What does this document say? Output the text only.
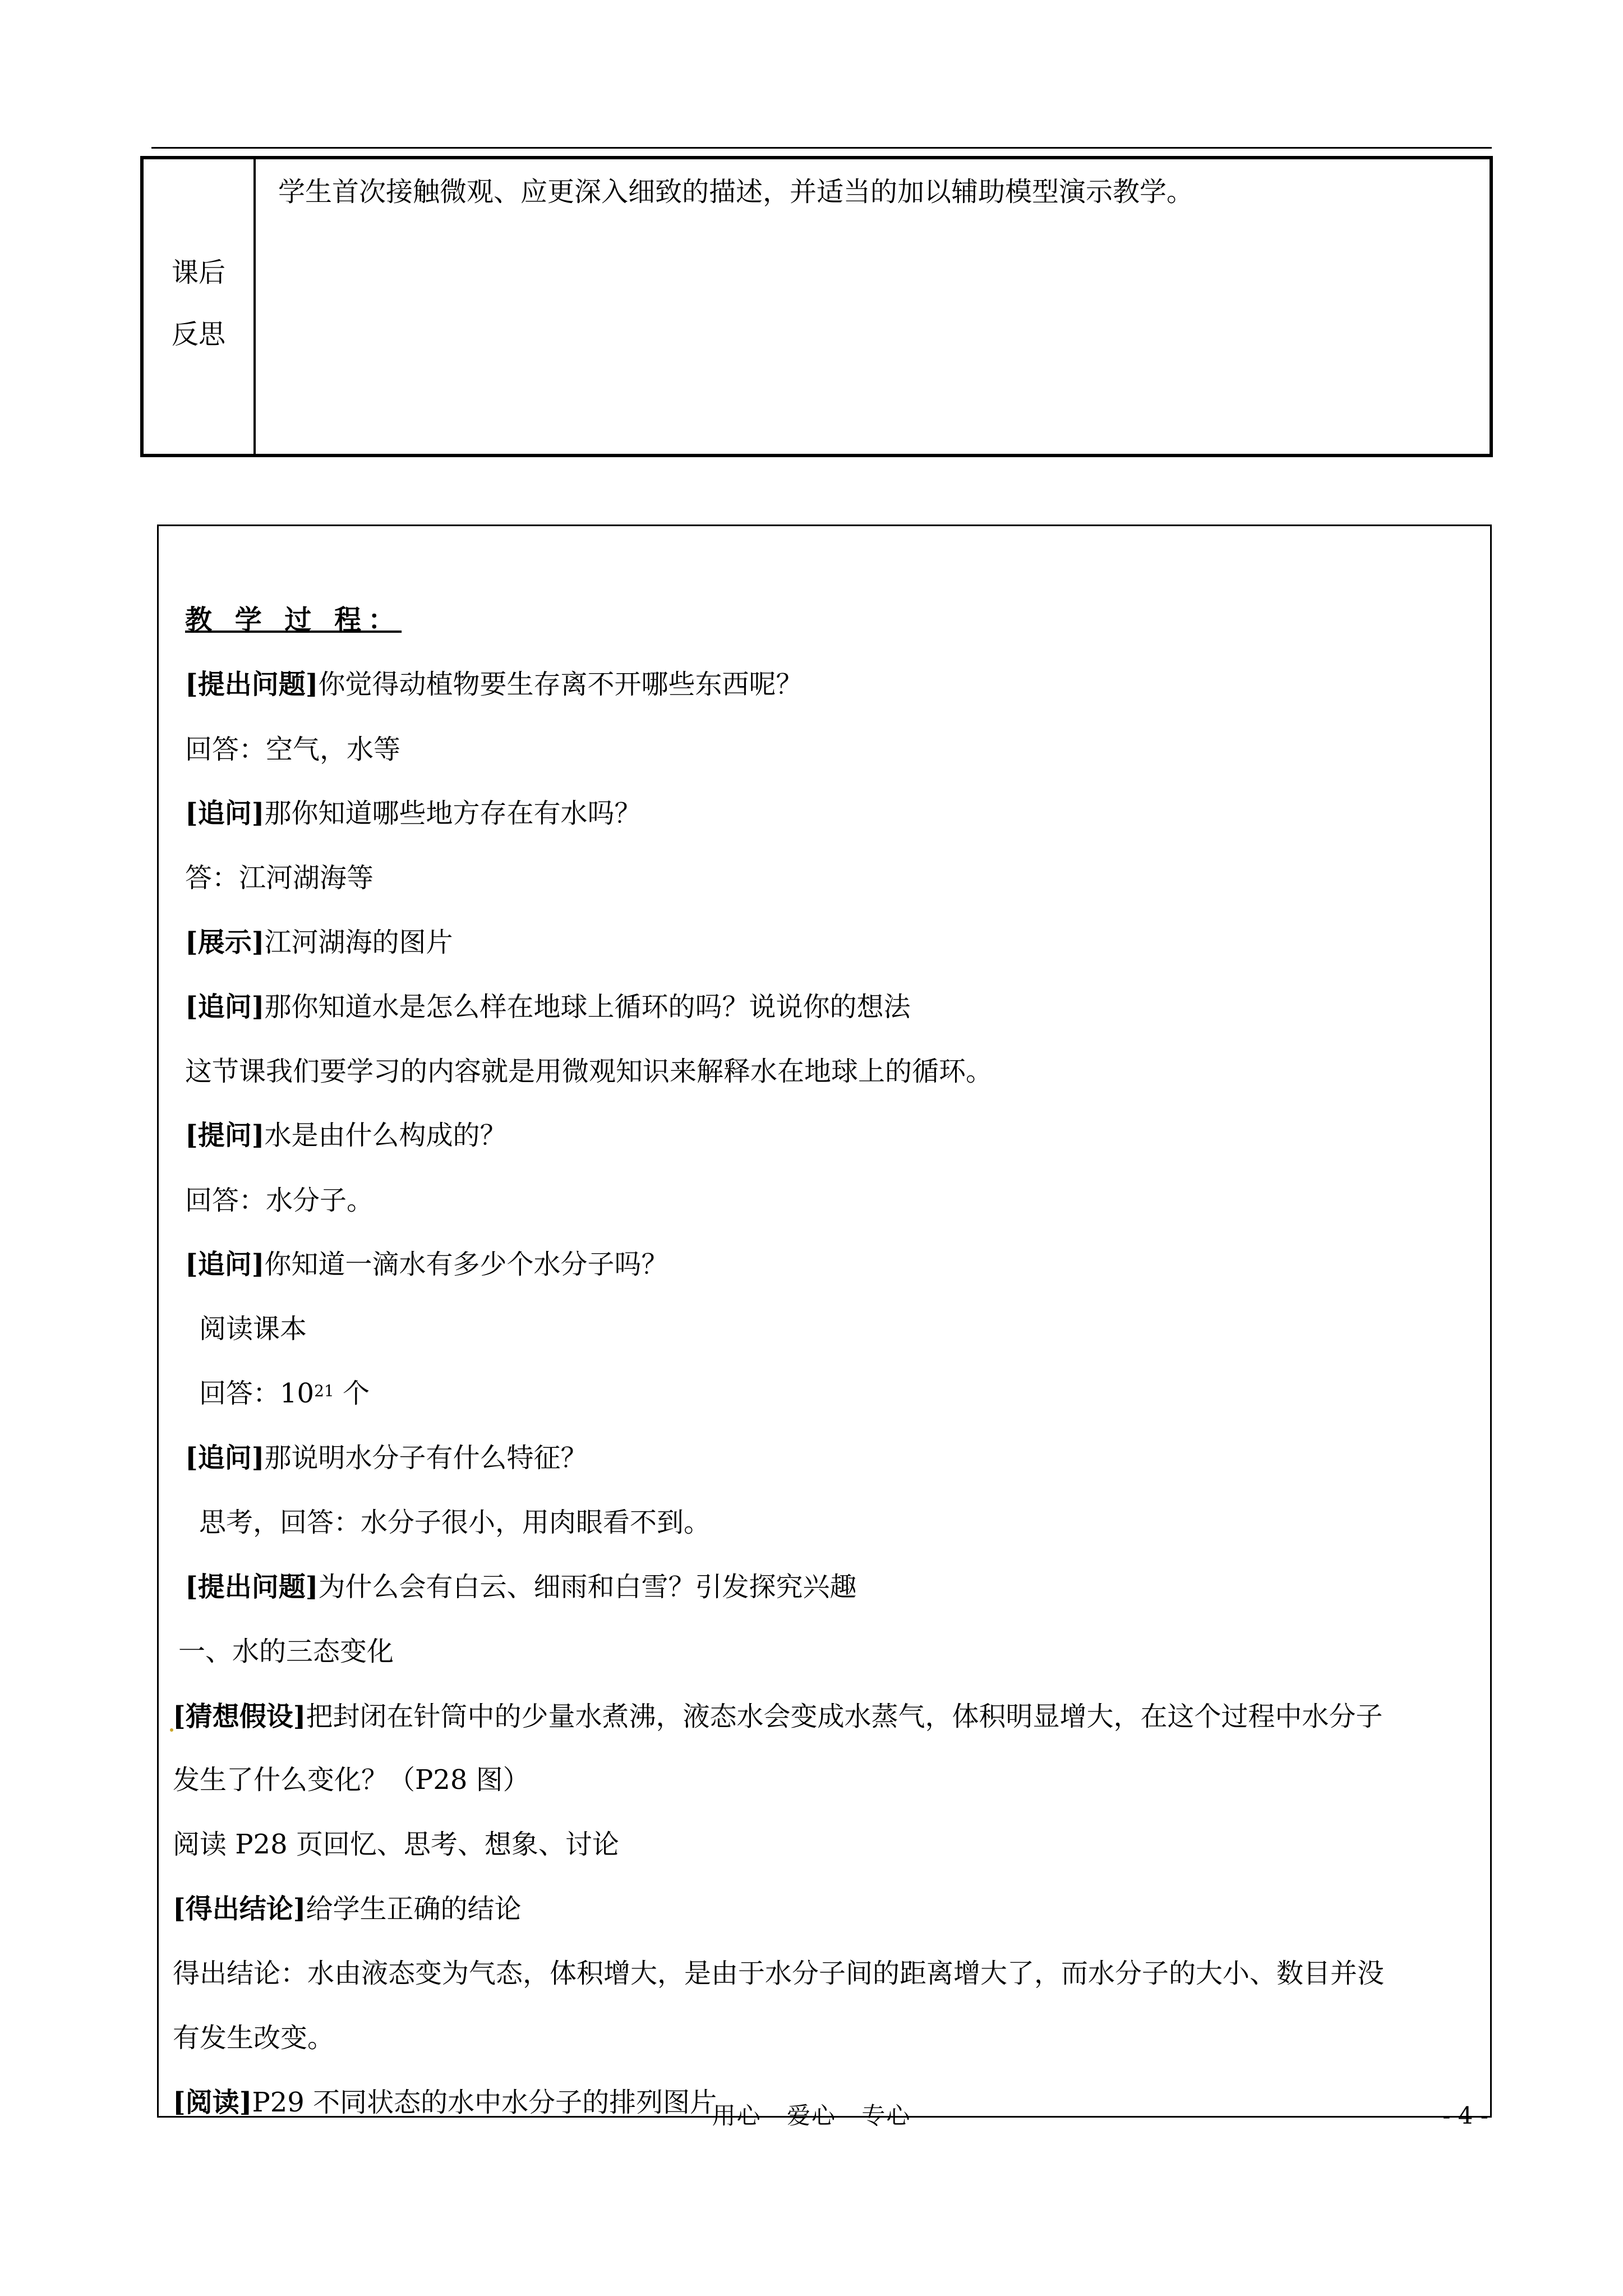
课后
反思
学生首次接触微观、应更深入细致的描述，并适当的加以辅助模型演示教学。
教 学 过 程：
[提出问题]你觉得动植物要生存离不开哪些东西呢？
回答：空气，水等
[追问]那你知道哪些地方存在有水吗？
答：江河湖海等
[展示]江河湖海的图片
[追问]那你知道水是怎么样在地球上循环的吗？说说你的想法
这节课我们要学习的内容就是用微观知识来解释水在地球上的循环。
[提问]水是由什么构成的？
回答：水分子。
[追问]你知道一滴水有多少个水分子吗？
阅读课本
回答：$10^{21}$ 个
[追问]那说明水分子有什么特征？
思考，回答：水分子很小，用肉眼看不到。
[提出问题]为什么会有白云、细雨和白雪？引发探究兴趣
一、水的三态变化
[猜想假设]把封闭在针筒中的少量水煮沸，液态水会变成水蒸气，体积明显增大，在这个过程中水分子
发生了什么变化？（P28 图）
阅读 P28 页回忆、思考、想象、讨论
[得出结论]给学生正确的结论
得出结论：水由液态变为气态，体积增大，是由于水分子间的距离增大了，而水分子的大小、数目并没
有发生改变。
[阅读]P29 不同状态的水中水分子的排列图片
用心 爱心 专心	- 4 -
